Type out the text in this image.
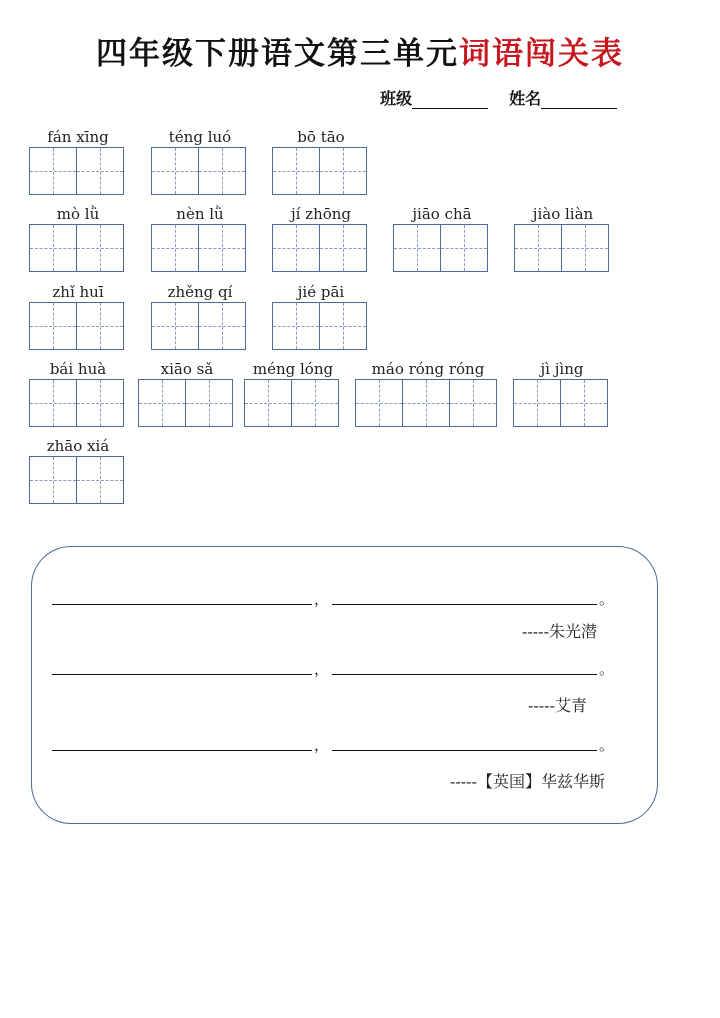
四年级下册语文第三单元词语闯关表
班级	姓名
fán xīng	téng luó	bō tāo
mò lǜ	nèn lǜ	jí zhōng	jiāo chā	jiào liàn
zhǐ huī	zhěng qí	jié pāi
bái huà	xiāo sǎ	méng lóng	máo róng róng	jì jìng
zhāo xiá
，	。
-----朱光潜
，	。
-----艾青
，	。
-----【英国】华兹华斯
